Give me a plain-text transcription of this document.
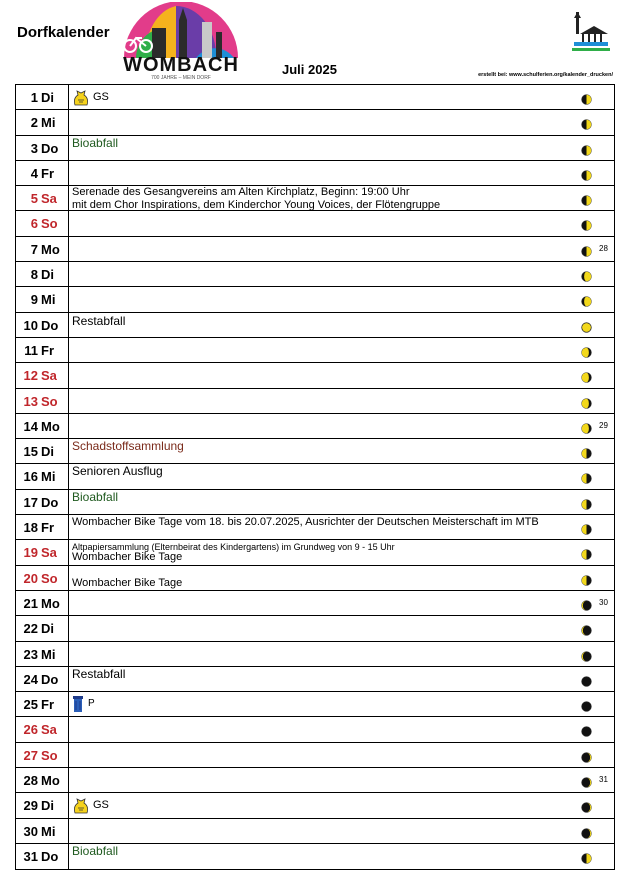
Dorfkalender
WOMBACH
700 JAHRE – MEIN DORF
Juli 2025	erstellt bei: www.schulferien.org/kalender_drucken/
1 Di	GS
2 Mi
3 Do Bioabfall
4 Fr
5 Sa Serenade des Gesangvereins am Alten Kirchplatz, Beginn: 19:00 Uhr
mit dem Chor Inspirations, dem Kinderchor Young Voices, der Flötengruppe
6 So
7 Mo	28
8 Di
9 Mi
10 Do Restabfall
11 Fr
12 Sa
13 So
14 Mo	29
15 Di Schadstoffsammlung
16 Mi Senioren Ausflug
17 Do Bioabfall
18 Fr Wombacher Bike Tage vom 18. bis 20.07.2025, Ausrichter der Deutschen Meisterschaft im MTB
19 Sa Altpapiersammlung (Elternbeirat des Kindergartens) im Grundweg von 9 - 15 Uhr
Wombacher Bike Tage
20 So Wombacher Bike Tage
21 Mo	30
22 Di
23 Mi
24 Do Restabfall
25 Fr	P
26 Sa
27 So
28 Mo	31
29 Di	GS
30 Mi
31 Do Bioabfall
